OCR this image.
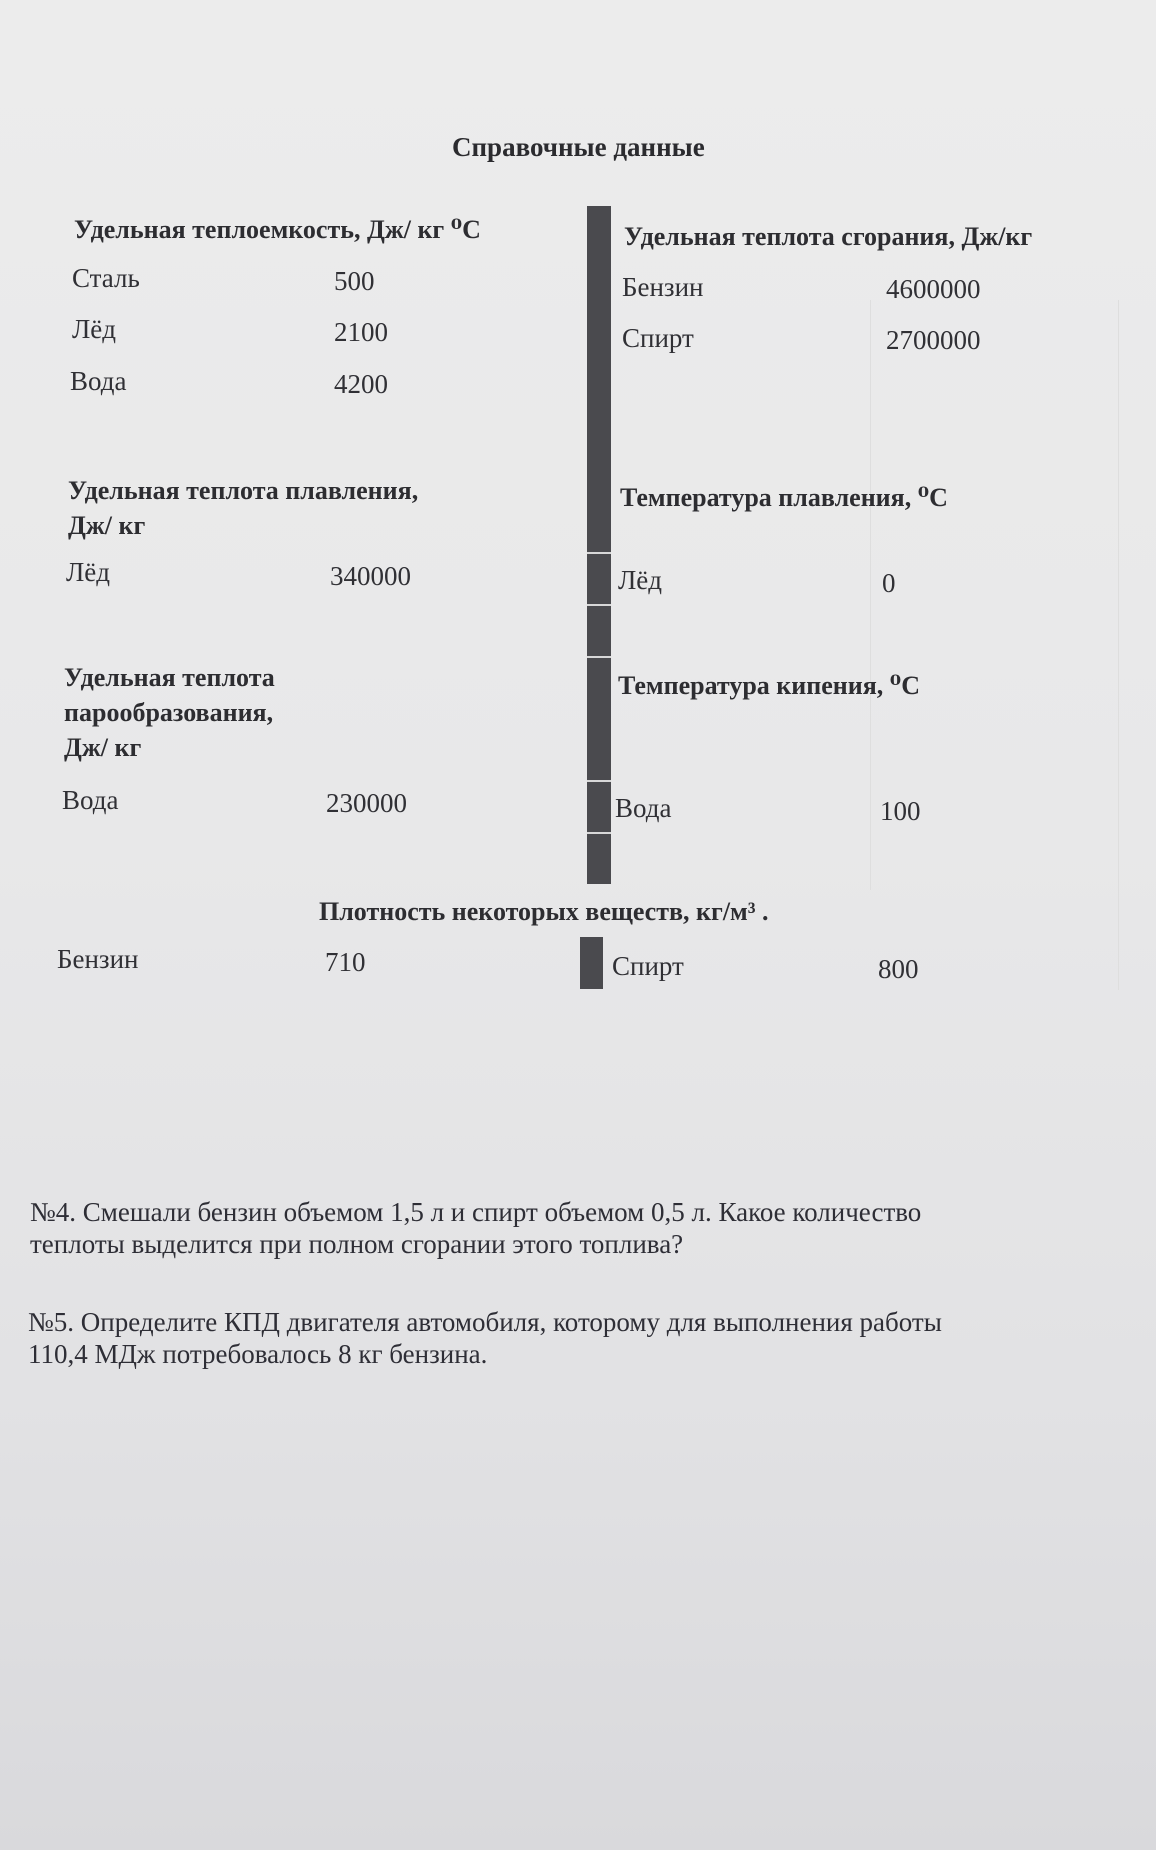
Справочные данные
Удельная теплоемкость, Дж/ кг ⁰С
Сталь	500
Лёд	2100
Вода	4200
Удельная теплота сгорания, Дж/кг
Бензин	4600000
Спирт	2700000
Удельная теплота плавления,
Дж/ кг
Лёд	340000
Температура плавления, ⁰С
Лёд	0
Удельная теплота
парообразования,
Дж/ кг
Вода	230000
Температура кипения, ⁰С
Вода	100
Плотность некоторых веществ, кг/м³ .
Бензин	710	Спирт	800
№4. Смешали бензин объемом 1,5 л и спирт объемом 0,5 л. Какое количество
теплоты выделится при полном сгорании этого топлива?
№5. Определите КПД двигателя автомобиля, которому для выполнения работы
110,4 МДж потребовалось 8 кг бензина.
